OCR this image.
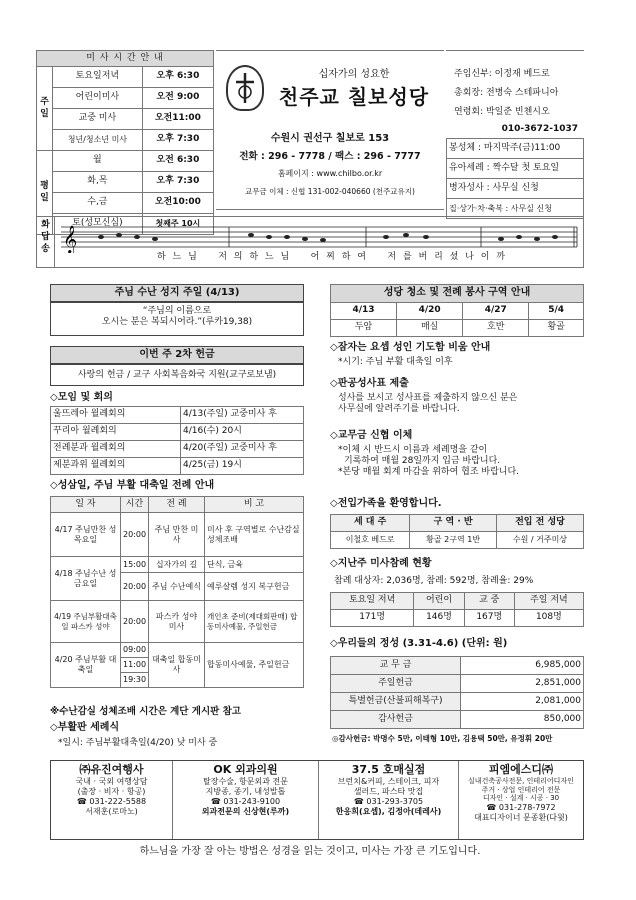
미 사 시 간 안 내		
주일	토요일저녁	오후 6:30
	어린이미사	오전 9:00
	교중 미사	오전11:00
	청년/청소년 미사	오후 7:30
평일	월	오전 6:30
	화,목	오후 7:30
	수,금	오전10:00
	토(성모신심)	첫째주 10시
십자가의 성요한
천주교 칠보성당
수원시 권선구 칠보로 153
전화 : 296 - 7778 / 팩스 : 296 - 7777
홈페이지 : www.chilbo.or.kr
교무금 이체 : 신협 131-002-040660 (천주교유지)
주임신부: 이정재 베드로
총회장: 전병숙 스테파니아
연령회: 박일준 빈첸시오
010-3672-1037
봉성체 : 마지막주(금)11:00
유아세례 : 짝수달 첫 토요일
병자성사 : 사무실 신청
집·상가·차·축복 : 사무실 신청
화답송 𝄞
하 느 님    저 의 하 느 님    어 찌 하 여    저 를 버 리 셨 나 이 까
주님 수난 성지 주일 (4/13)
“주님의 이름으로
오시는 분은 복되시어라.”(루카19,38)
이번 주 2차 헌금
사랑의 헌금 / 교구 사회복음화국 지원(교구로보냄)
◇모임 및 회의
울뜨레아 월례회의	4/13(주일) 교중미사 후
꾸리아 월례회의	4/16(수) 20시
전례분과 월례회의	4/20(주일) 교중미사 후
제분과위 월례회의	4/25(금) 19시
◇성삼일, 주님 부활 대축일 전례 안내
일 자	시간	전 례	비 고
4/17 주님만찬 성목요일	20:00	주님 만찬 미사	미사 후 구역별로 수난감실 성체조배
4/18 주님수난 성금요일	15:00	십자가의 길	단식, 금육
	20:00	주님 수난예식	예루살렘 성지 복구헌금
4/19 주님부활대축일 파스카 성야	20:00	파스카 성야 미사	개인초 준비(제대회판매) 합동미사예물, 주일헌금
4/20 주님부활 대축일	09:00	대축일 합동미사	합동미사예물, 주일헌금
	11:00		
	19:30		
※수난감실 성체조배 시간은 계단 게시판 참고
◇부활판 세례식
*일시: 주님부활대축일(4/20) 낮 미사 중
성당 청소 및 전례 봉사 구역 안내			
4/13	4/20	4/27	5/4
두암	매실	호반	황골
◇잠자는 요셉 성인 기도함 비움 안내
*시기: 주님 부활 대축일 이후
◇판공성사표 제출
성사를 보시고 성사표를 제출하지 않으신 분은
사무실에 알려주기를 바랍니다.
◇교무금 신협 이체
*이체 시 반드시 이름과 세례명을 같이
기록하여 매월 28일까지 입금 바랍니다.
*본당 매월 회계 마감을 위하여 협조 바랍니다.
◇전입가족을 환영합니다.
세 대 주	구 역 · 반	전입 전 성당
이철호 베드로	황골 2구역 1반	수원 / 거주미상
◇지난주 미사참례 현황
참례 대상자: 2,036명, 참례: 592명, 참례율: 29%
토요일 저녁	어린이	교 중	주일 저녁
171명	146명	167명	108명
◇우리들의 정성 (3.31-4.6) (단위: 원)
교 무 금	6,985,000
주일헌금	2,851,000
특별헌금(산불피해복구)	2,081,000
감사헌금	850,000
◎감사헌금: 박명수 5만, 이태형 10만, 김용택 50만, 유정휘 20만
㈜유진여행사
국내 · 국외 여행상담
(출장 · 비자 · 항공)
☎ 031-222-5588
서재훈(로마노)
OK 외과의원
탈장수술, 항문외과 전문
지방종, 종기, 내성발톱
☎ 031-243-9100
외과전문의 신상현(루까)
37.5 호매실점
브런치&커피, 스테이크, 피자
샐러드, 파스타 맛집
☎ 031-293-3705
한응희(요셉), 김정아(데레사)
피엠에스디㈜
실내건축공사전문, 인테리어디자인
주거 · 상업 인테리어 전문
디자인 · 설계 · 시공 · 30
☎ 031-278-7972
대표디자이너 문종환(다윗)
하느님을 가장 잘 아는 방법은 성경을 읽는 것이고, 미사는 가장 큰 기도입니다.
